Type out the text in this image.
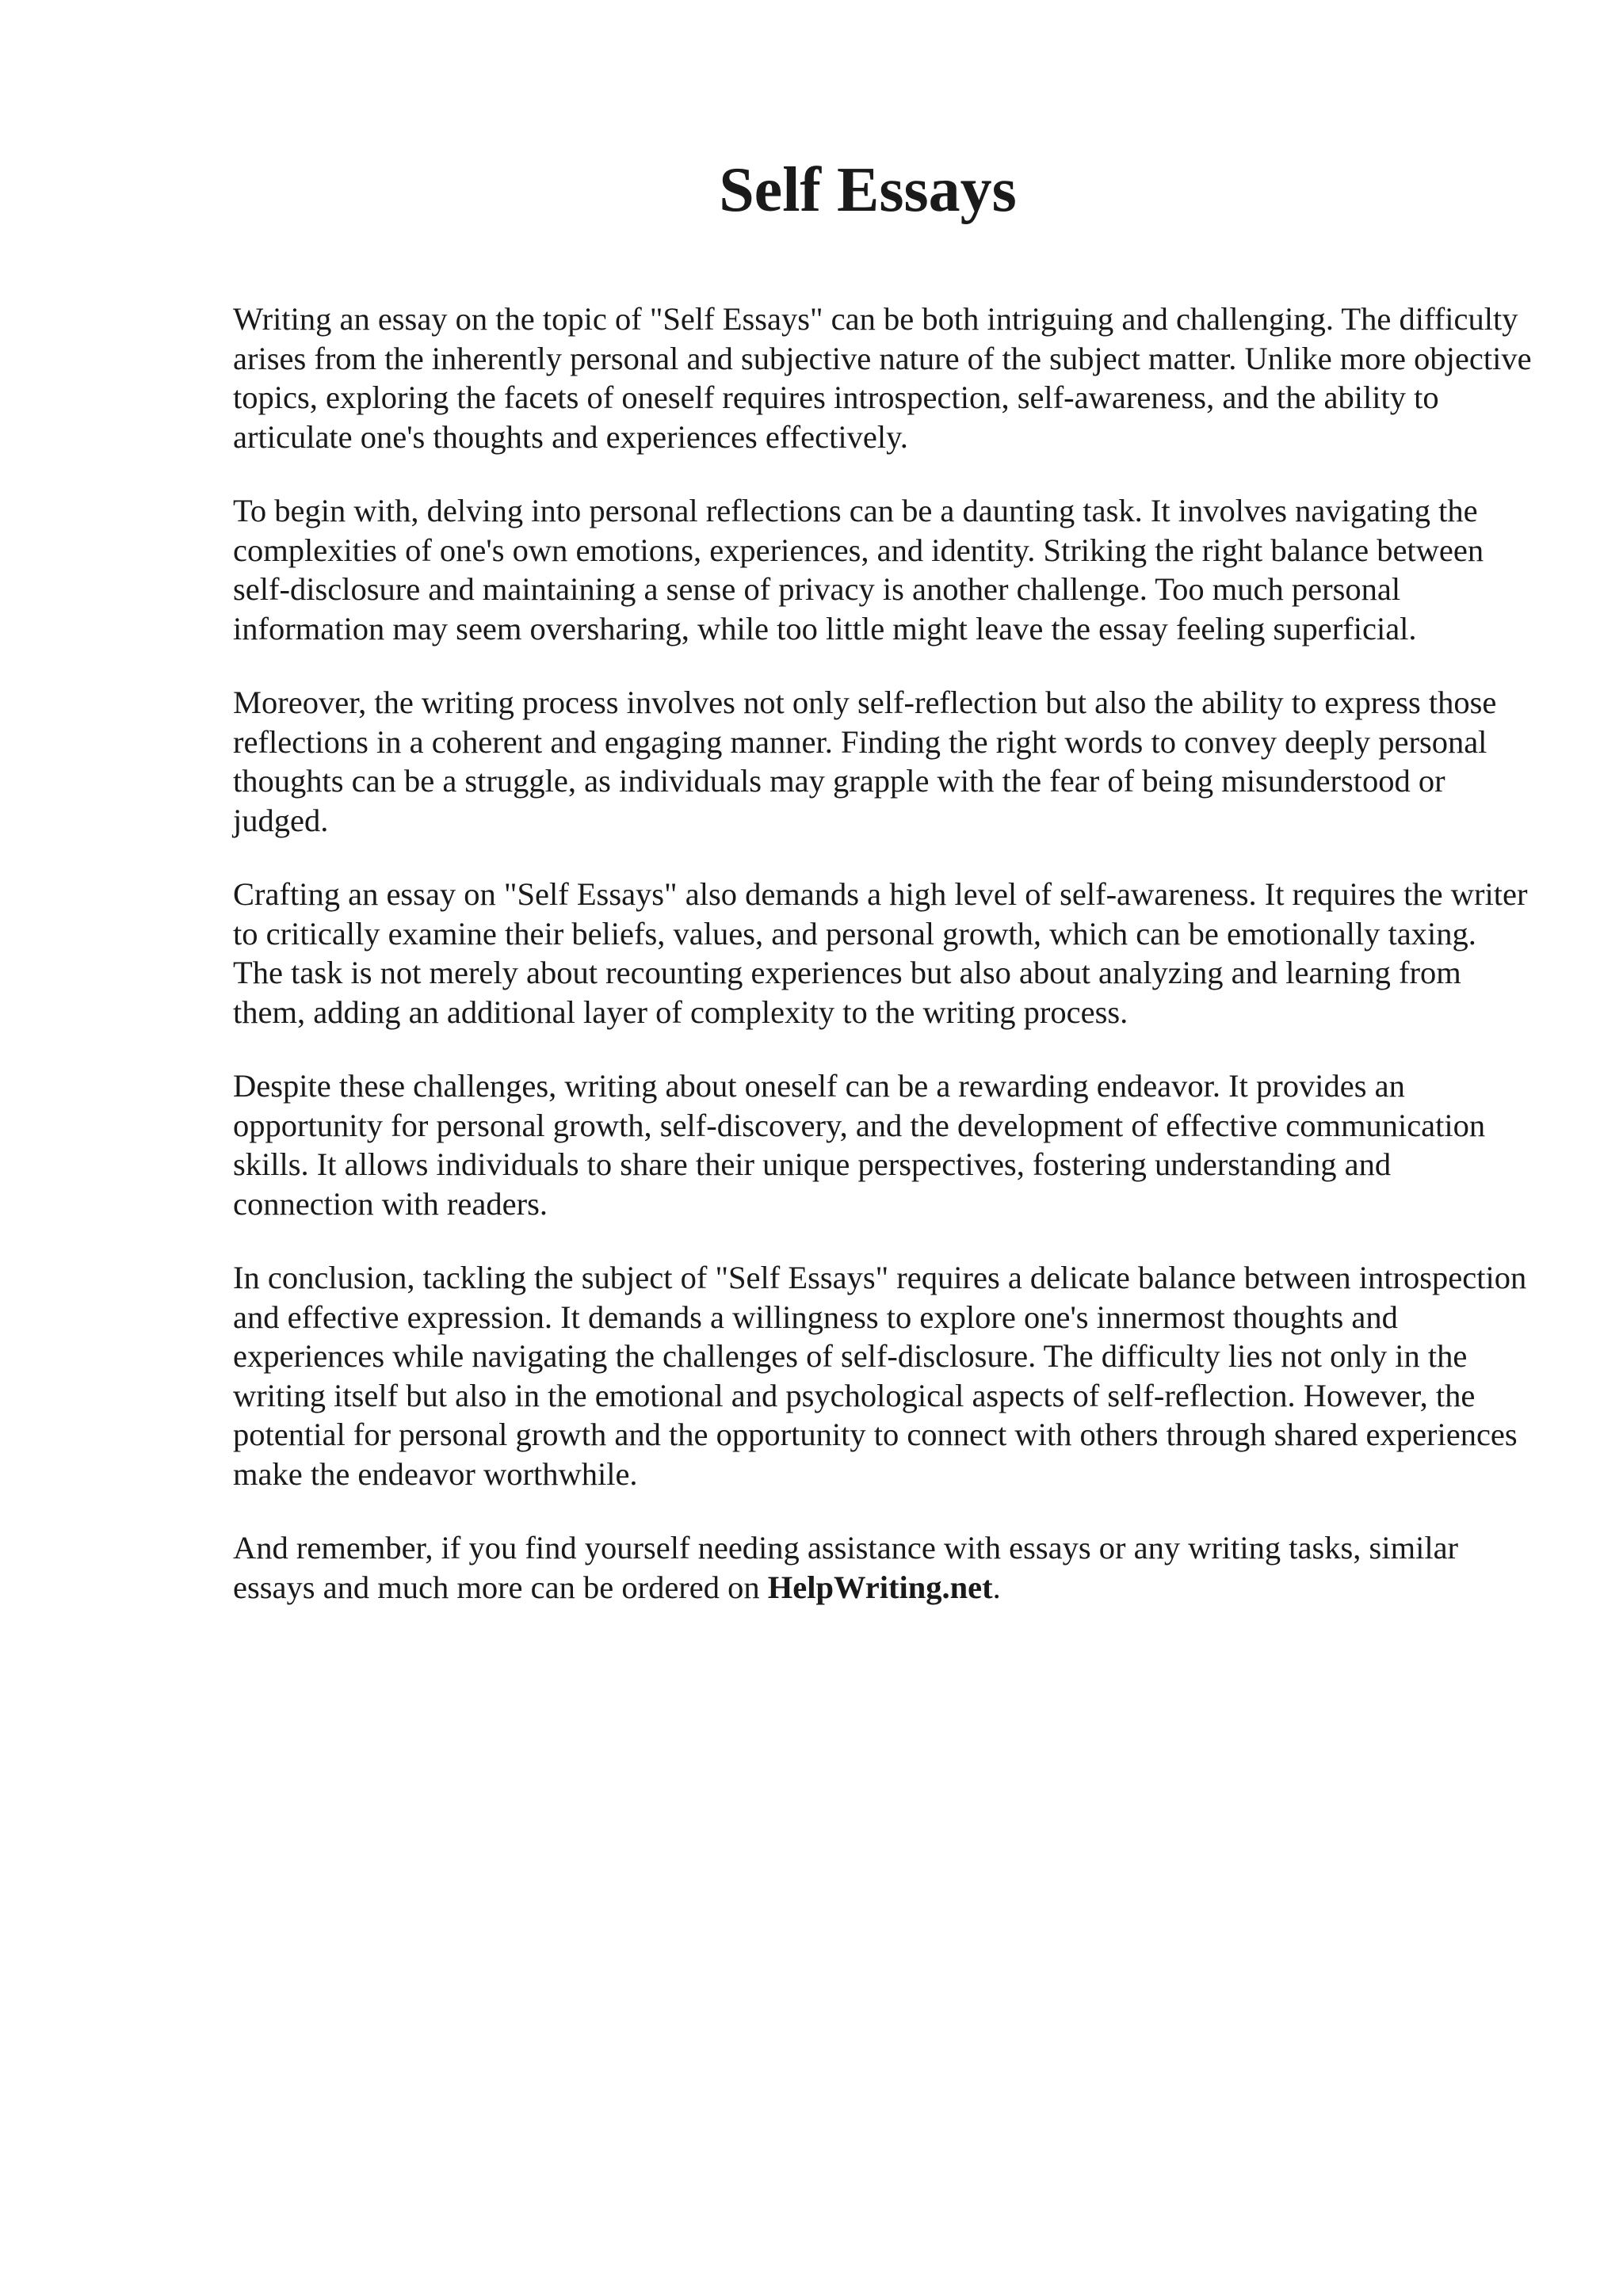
Self Essays

Writing an essay on the topic of "Self Essays" can be both intriguing and challenging. The difficulty arises from the inherently personal and subjective nature of the subject matter. Unlike more objective topics, exploring the facets of oneself requires introspection, self-awareness, and the ability to articulate one's thoughts and experiences effectively.

To begin with, delving into personal reflections can be a daunting task. It involves navigating the complexities of one's own emotions, experiences, and identity. Striking the right balance between self-disclosure and maintaining a sense of privacy is another challenge. Too much personal information may seem oversharing, while too little might leave the essay feeling superficial.

Moreover, the writing process involves not only self-reflection but also the ability to express those reflections in a coherent and engaging manner. Finding the right words to convey deeply personal thoughts can be a struggle, as individuals may grapple with the fear of being misunderstood or judged.

Crafting an essay on "Self Essays" also demands a high level of self-awareness. It requires the writer to critically examine their beliefs, values, and personal growth, which can be emotionally taxing. The task is not merely about recounting experiences but also about analyzing and learning from them, adding an additional layer of complexity to the writing process.

Despite these challenges, writing about oneself can be a rewarding endeavor. It provides an opportunity for personal growth, self-discovery, and the development of effective communication skills. It allows individuals to share their unique perspectives, fostering understanding and connection with readers.

In conclusion, tackling the subject of "Self Essays" requires a delicate balance between introspection and effective expression. It demands a willingness to explore one's innermost thoughts and experiences while navigating the challenges of self-disclosure. The difficulty lies not only in the writing itself but also in the emotional and psychological aspects of self-reflection. However, the potential for personal growth and the opportunity to connect with others through shared experiences make the endeavor worthwhile.

And remember, if you find yourself needing assistance with essays or any writing tasks, similar essays and much more can be ordered on HelpWriting.net.
